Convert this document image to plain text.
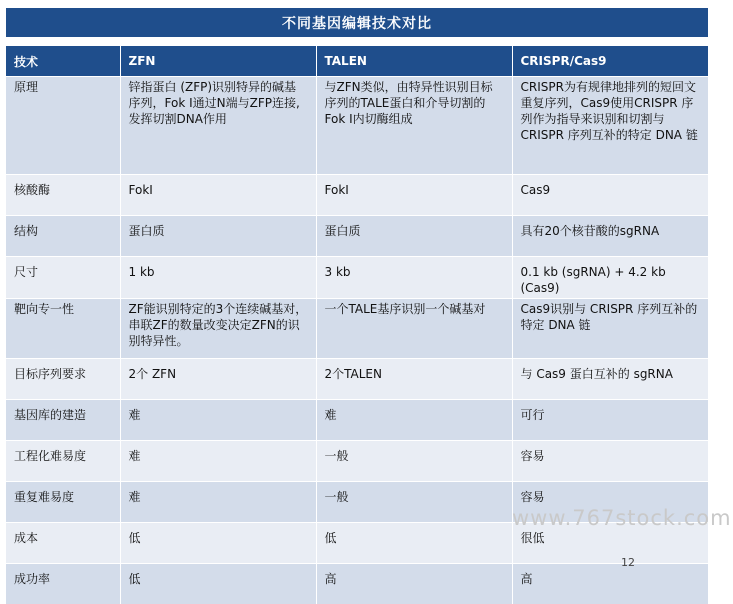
不同基因编辑技术对比
技术	ZFN	TALEN	CRISPR/Cas9
原理	锌指蛋白 (ZFP)识别特异的碱基序列，Fok I通过N端与ZFP连接, 发挥切割DNA作用	与ZFN类似，由特异性识别目标序列的TALE蛋白和介导切割的Fok Ⅰ内切酶组成	CRISPR为有规律地排列的短回文重复序列，Cas9使用CRISPR 序列作为指导来识别和切割与 CRISPR 序列互补的特定 DNA 链
核酸酶	FokI	FokI	Cas9
结构	蛋白质	蛋白质	具有20个核苷酸的sgRNA
尺寸	1 kb	3 kb	0.1 kb (sgRNA) + 4.2 kb (Cas9)
靶向专一性	ZF能识别特定的3个连续碱基对，串联ZF的数量改变决定ZFN的识别特异性。	一个TALE基序识别一个碱基对	Cas9识别与 CRISPR 序列互补的特定 DNA 链
目标序列要求	2个 ZFN	2个TALEN	与 Cas9 蛋白互补的 sgRNA
基因库的建造	难	难	可行
工程化难易度	难	一般	容易
重复难易度	难	一般	容易
成本	低	低	很低
成功率	低	高	高
www.767stock.com
12
